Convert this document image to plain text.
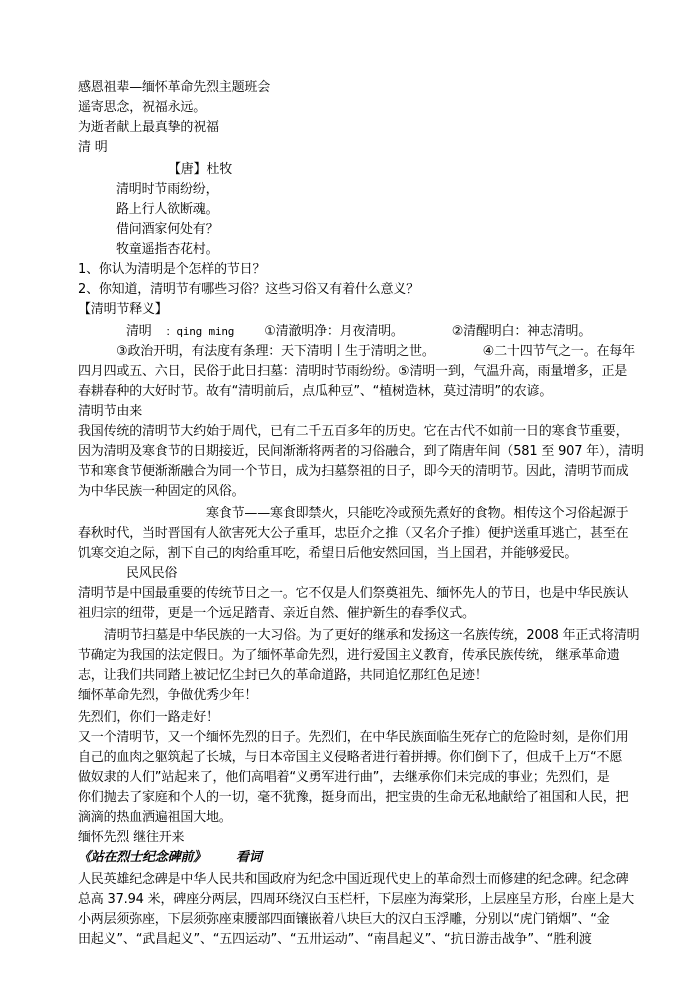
感恩祖辈—缅怀革命先烈主题班会
遥寄思念，祝福永远。
为逝者献上最真挚的祝福
清 明
【唐】杜牧
清明时节雨纷纷，
路上行人欲断魂。
借问酒家何处有？
牧童遥指杏花村。
1、你认为清明是个怎样的节日？
2、你知道，清明节有哪些习俗？这些习俗又有着什么意义？
【清明节释义】
清明 ：qing ming ①清澈明净：月夜清明。	②清醒明白：神志清明。
③政治开明，有法度有条理：天下清明丨生于清明之世。	④二十四节气之一。在每年
四月四或五、六日，民俗于此日扫墓：清明时节雨纷纷。⑤清明一到，气温升高，雨量增多，正是
春耕春种的大好时节。故有“清明前后，点瓜种豆”、“植树造林，莫过清明”的农谚。
清明节由来
我国传统的清明节大约始于周代，已有二千五百多年的历史。它在古代不如前一日的寒食节重要，
因为清明及寒食节的日期接近，民间渐渐将两者的习俗融合，到了隋唐年间（581 至 907 年），清明
节和寒食节便渐渐融合为同一个节日，成为扫墓祭祖的日子，即今天的清明节。因此，清明节而成
为中华民族一种固定的风俗。
寒食节——寒食即禁火，只能吃冷或预先煮好的食物。相传这个习俗起源于
春秋时代，当时晋国有人欲害死大公子重耳，忠臣介之推（又名介子推）便护送重耳逃亡，甚至在
饥寒交迫之际，割下自己的肉给重耳吃，希望日后他安然回国，当上国君，并能够爱民。
民风民俗
清明节是中国最重要的传统节日之一。它不仅是人们祭奠祖先、缅怀先人的节日，也是中华民族认
祖归宗的纽带，更是一个远足踏青、亲近自然、催护新生的春季仪式。
清明节扫墓是中华民族的一大习俗。为了更好的继承和发扬这一名族传统，2008 年正式将清明
节确定为我国的法定假日。为了缅怀革命先烈，进行爱国主义教育，传承民族传统， 继承革命遗
志，让我们共同踏上被记忆尘封已久的革命道路，共同追忆那红色足迹！
缅怀革命先烈，争做优秀少年！
先烈们，你们一路走好！
又一个清明节，又一个缅怀先烈的日子。先烈们，在中华民族面临生死存亡的危险时刻，是你们用
自己的血肉之躯筑起了长城，与日本帝国主义侵略者进行着拼搏。你们倒下了，但成千上万“不愿
做奴隶的人们”站起来了，他们高唱着“义勇军进行曲”，去继承你们未完成的事业；先烈们，是
你们抛去了家庭和个人的一切，毫不犹豫，挺身而出，把宝贵的生命无私地献给了祖国和人民，把
滴滴的热血洒遍祖国大地。
缅怀先烈 继往开来
《站在烈士纪念碑前》 看词
人民英雄纪念碑是中华人民共和国政府为纪念中国近现代史上的革命烈士而修建的纪念碑。纪念碑
总高 37.94 米，碑座分两层，四周环绕汉白玉栏杆，下层座为海棠形，上层座呈方形，台座上是大
小两层须弥座，下层须弥座束腰部四面镶嵌着八块巨大的汉白玉浮雕，分别以“虎门销烟”、“金
田起义”、“武昌起义”、“五四运动”、“五卅运动”、“南昌起义”、“抗日游击战争”、“胜利渡
